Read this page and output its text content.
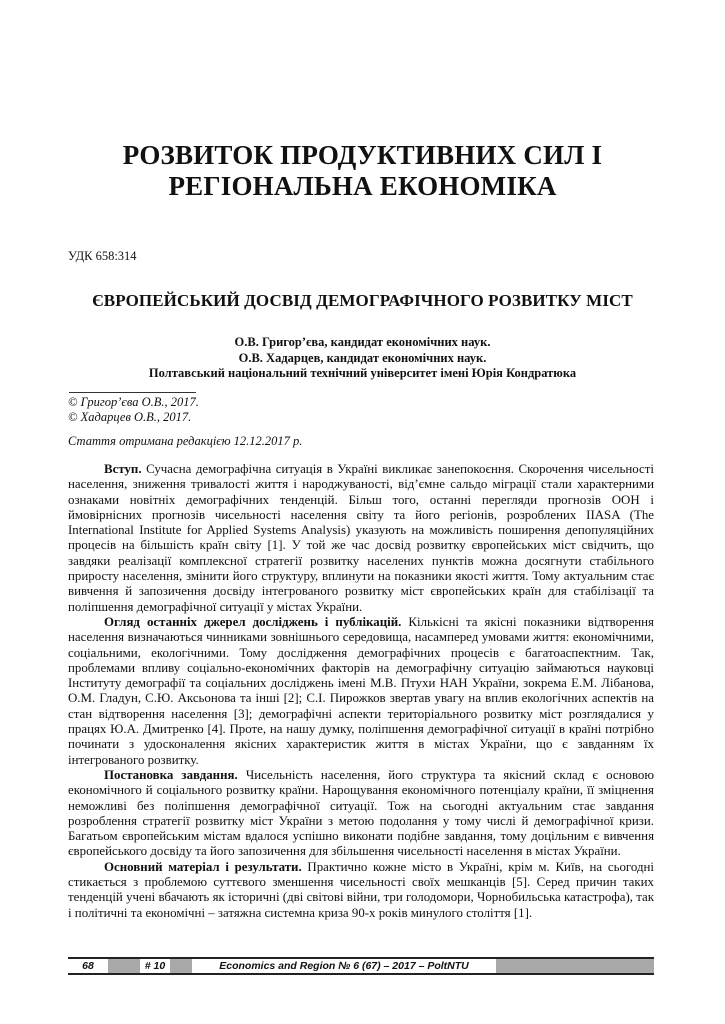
РОЗВИТОК ПРОДУКТИВНИХ СИЛ І
РЕГІОНАЛЬНА ЕКОНОМІКА
УДК 658:314
ЄВРОПЕЙСЬКИЙ ДОСВІД ДЕМОГРАФІЧНОГО РОЗВИТКУ МІСТ
О.В. Григор’єва, кандидат економічних наук.
О.В. Хадарцев, кандидат економічних наук.
Полтавський національний технічний університет імені Юрія Кондратюка
© Григор’єва О.В., 2017.
© Хадарцев О.В., 2017.
Стаття отримана редакцією 12.12.2017 р.

Вступ. Сучасна демографічна ситуація в Україні викликає занепокоєння. Скорочення чисельності населення, зниження тривалості життя і народжуваності, від’ємне сальдо міграції стали характерними ознаками новітніх демографічних тенденцій. Більш того, останні перегляди прогнозів ООН і ймовірнісних прогнозів чисельності населення світу та його регіонів, розроблених IIASA (The International Institute for Applied Systems Analysis) указують на можливість поширення депопуляційних процесів на більшість країн світу [1]. У той же час досвід розвитку європейських міст свідчить, що завдяки реалізації комплексної стратегії розвитку населених пунктів можна досягнути стабільного приросту населення, змінити його структуру, вплинути на показники якості життя. Тому актуальним стає вивчення й запозичення досвіду інтегрованого розвитку міст європейських країн для стабілізації та поліпшення демографічної ситуації у містах України.

Огляд останніх джерел досліджень і публікацій. Кількісні та якісні показники відтворення населення визначаються чинниками зовнішнього середовища, насамперед умовами життя: економічними, соціальними, екологічними. Тому дослідження демографічних процесів є багатоаспектним. Так, проблемами впливу соціально-економічних факторів на демографічну ситуацію займаються науковці Інституту демографії та соціальних досліджень імені М.В. Птухи НАН України, зокрема Е.М. Лібанова, О.М. Гладун, С.Ю. Аксьонова та інші [2]; С.І. Пирожков звертав увагу на вплив екологічних аспектів на стан відтворення населення [3]; демографічні аспекти територіального розвитку міст розглядалися у працях Ю.А. Дмитренко [4]. Проте, на нашу думку, поліпшення демографічної ситуації в країні потрібно починати з удосконалення якісних характеристик життя в містах України, що є завданням їх інтегрованого розвитку.

Постановка завдання. Чисельність населення, його структура та якісний склад є основою економічного й соціального розвитку країни. Нарощування економічного потенціалу країни, її зміцнення неможливі без поліпшення демографічної ситуації. Тож на сьогодні актуальним стає завдання розроблення стратегії розвитку міст України з метою подолання у тому числі й демографічної кризи. Багатьом європейським містам вдалося успішно виконати подібне завдання, тому доцільним є вивчення європейського досвіду та його запозичення для збільшення чисельності населення в містах України.

Основний матеріал і результати. Практично кожне місто в Україні, крім м. Київ, на сьогодні стикається з проблемою суттєвого зменшення чисельності своїх мешканців [5]. Серед причин таких тенденцій учені вбачають як історичні (дві світові війни, три голодомори, Чорнобильська катастрофа), так і політичні та економічні – затяжна системна криза 90-х років минулого століття [1].

68	# 10	Economics and Region № 6 (67) – 2017 – PoltNTU
